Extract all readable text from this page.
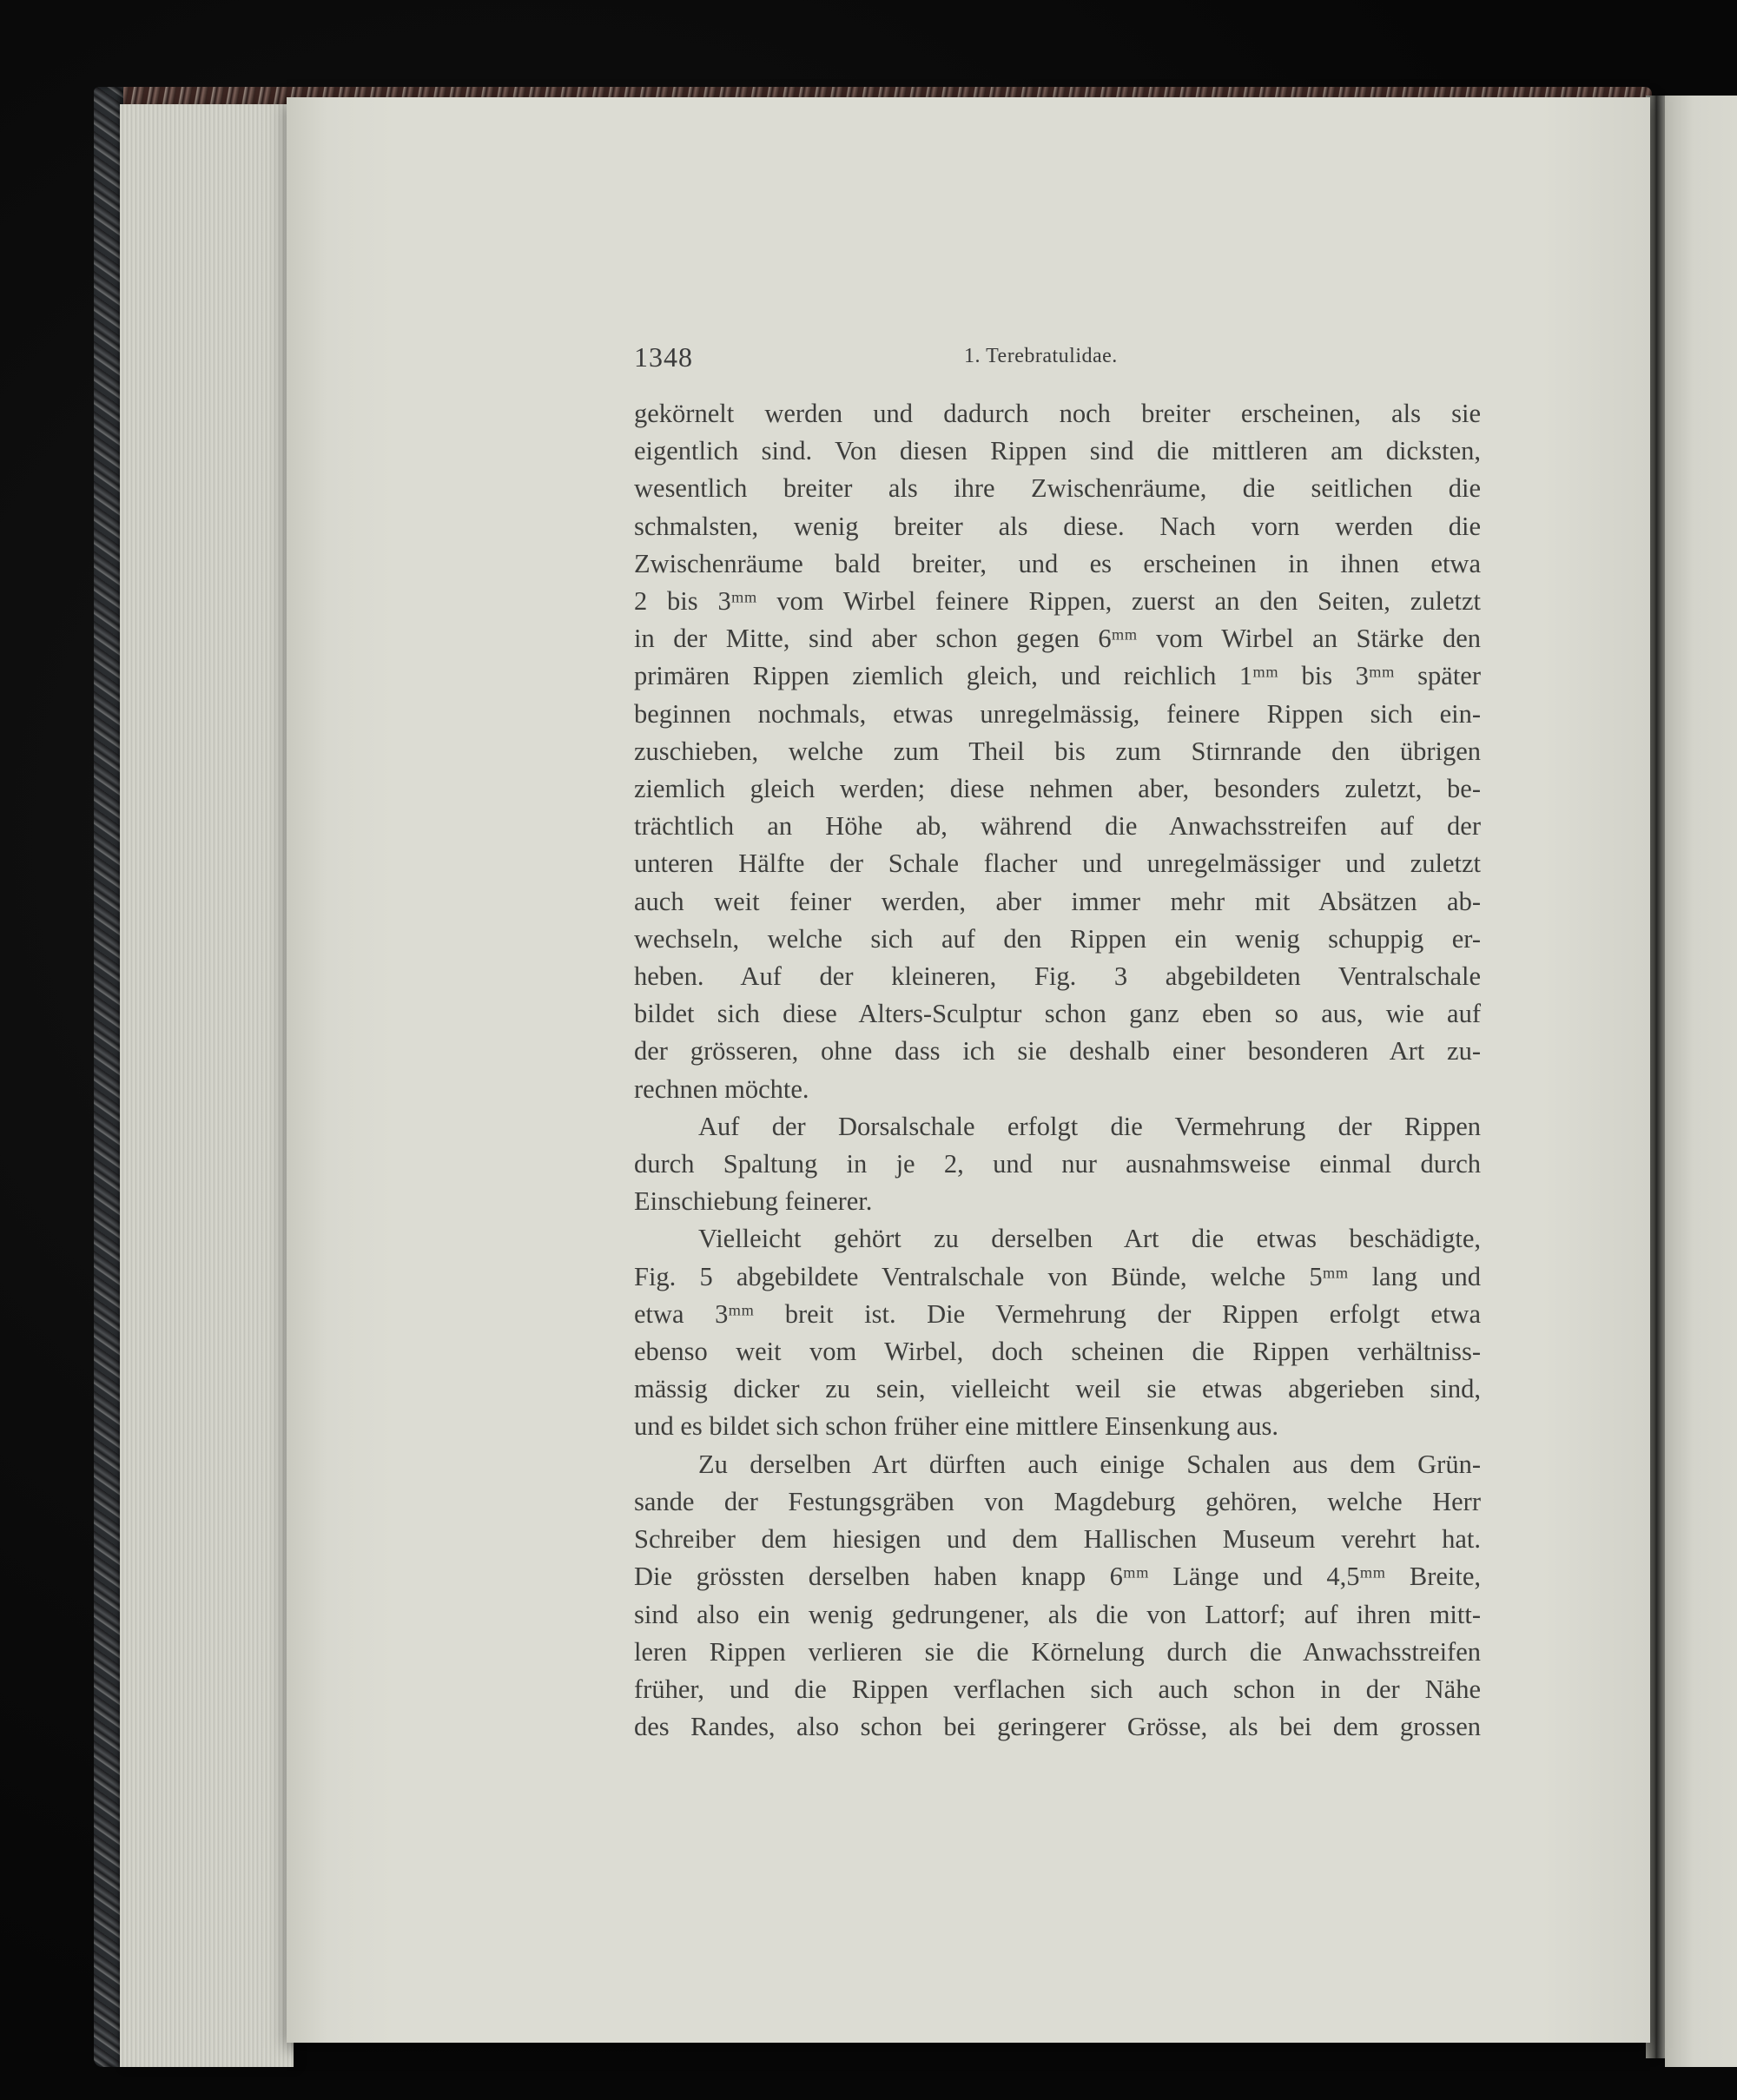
1348	1. Terebratulidae.
gekörnelt werden und dadurch noch breiter erscheinen, als sie
eigentlich sind. Von diesen Rippen sind die mittleren am dicksten,
wesentlich breiter als ihre Zwischenräume, die seitlichen die
schmalsten, wenig breiter als diese. Nach vorn werden die
Zwischenräume bald breiter, und es erscheinen in ihnen etwa
2 bis 3ᵐᵐ vom Wirbel feinere Rippen, zuerst an den Seiten, zuletzt
in der Mitte, sind aber schon gegen 6ᵐᵐ vom Wirbel an Stärke den
primären Rippen ziemlich gleich, und reichlich 1ᵐᵐ bis 3ᵐᵐ später
beginnen nochmals, etwas unregelmässig, feinere Rippen sich ein-
zuschieben, welche zum Theil bis zum Stirnrande den übrigen
ziemlich gleich werden; diese nehmen aber, besonders zuletzt, be-
trächtlich an Höhe ab, während die Anwachsstreifen auf der
unteren Hälfte der Schale flacher und unregelmässiger und zuletzt
auch weit feiner werden, aber immer mehr mit Absätzen ab-
wechseln, welche sich auf den Rippen ein wenig schuppig er-
heben. Auf der kleineren, Fig. 3 abgebildeten Ventralschale
bildet sich diese Alters-Sculptur schon ganz eben so aus, wie auf
der grösseren, ohne dass ich sie deshalb einer besonderen Art zu-
rechnen möchte.
Auf der Dorsalschale erfolgt die Vermehrung der Rippen
durch Spaltung in je 2, und nur ausnahmsweise einmal durch
Einschiebung feinerer.
Vielleicht gehört zu derselben Art die etwas beschädigte,
Fig. 5 abgebildete Ventralschale von Bünde, welche 5ᵐᵐ lang und
etwa 3ᵐᵐ breit ist. Die Vermehrung der Rippen erfolgt etwa
ebenso weit vom Wirbel, doch scheinen die Rippen verhältniss-
mässig dicker zu sein, vielleicht weil sie etwas abgerieben sind,
und es bildet sich schon früher eine mittlere Einsenkung aus.
Zu derselben Art dürften auch einige Schalen aus dem Grün-
sande der Festungsgräben von Magdeburg gehören, welche Herr
Schreiber dem hiesigen und dem Hallischen Museum verehrt hat.
Die grössten derselben haben knapp 6ᵐᵐ Länge und 4,5ᵐᵐ Breite,
sind also ein wenig gedrungener, als die von Lattorf; auf ihren mitt-
leren Rippen verlieren sie die Körnelung durch die Anwachsstreifen
früher, und die Rippen verflachen sich auch schon in der Nähe
des Randes, also schon bei geringerer Grösse, als bei dem grossen
